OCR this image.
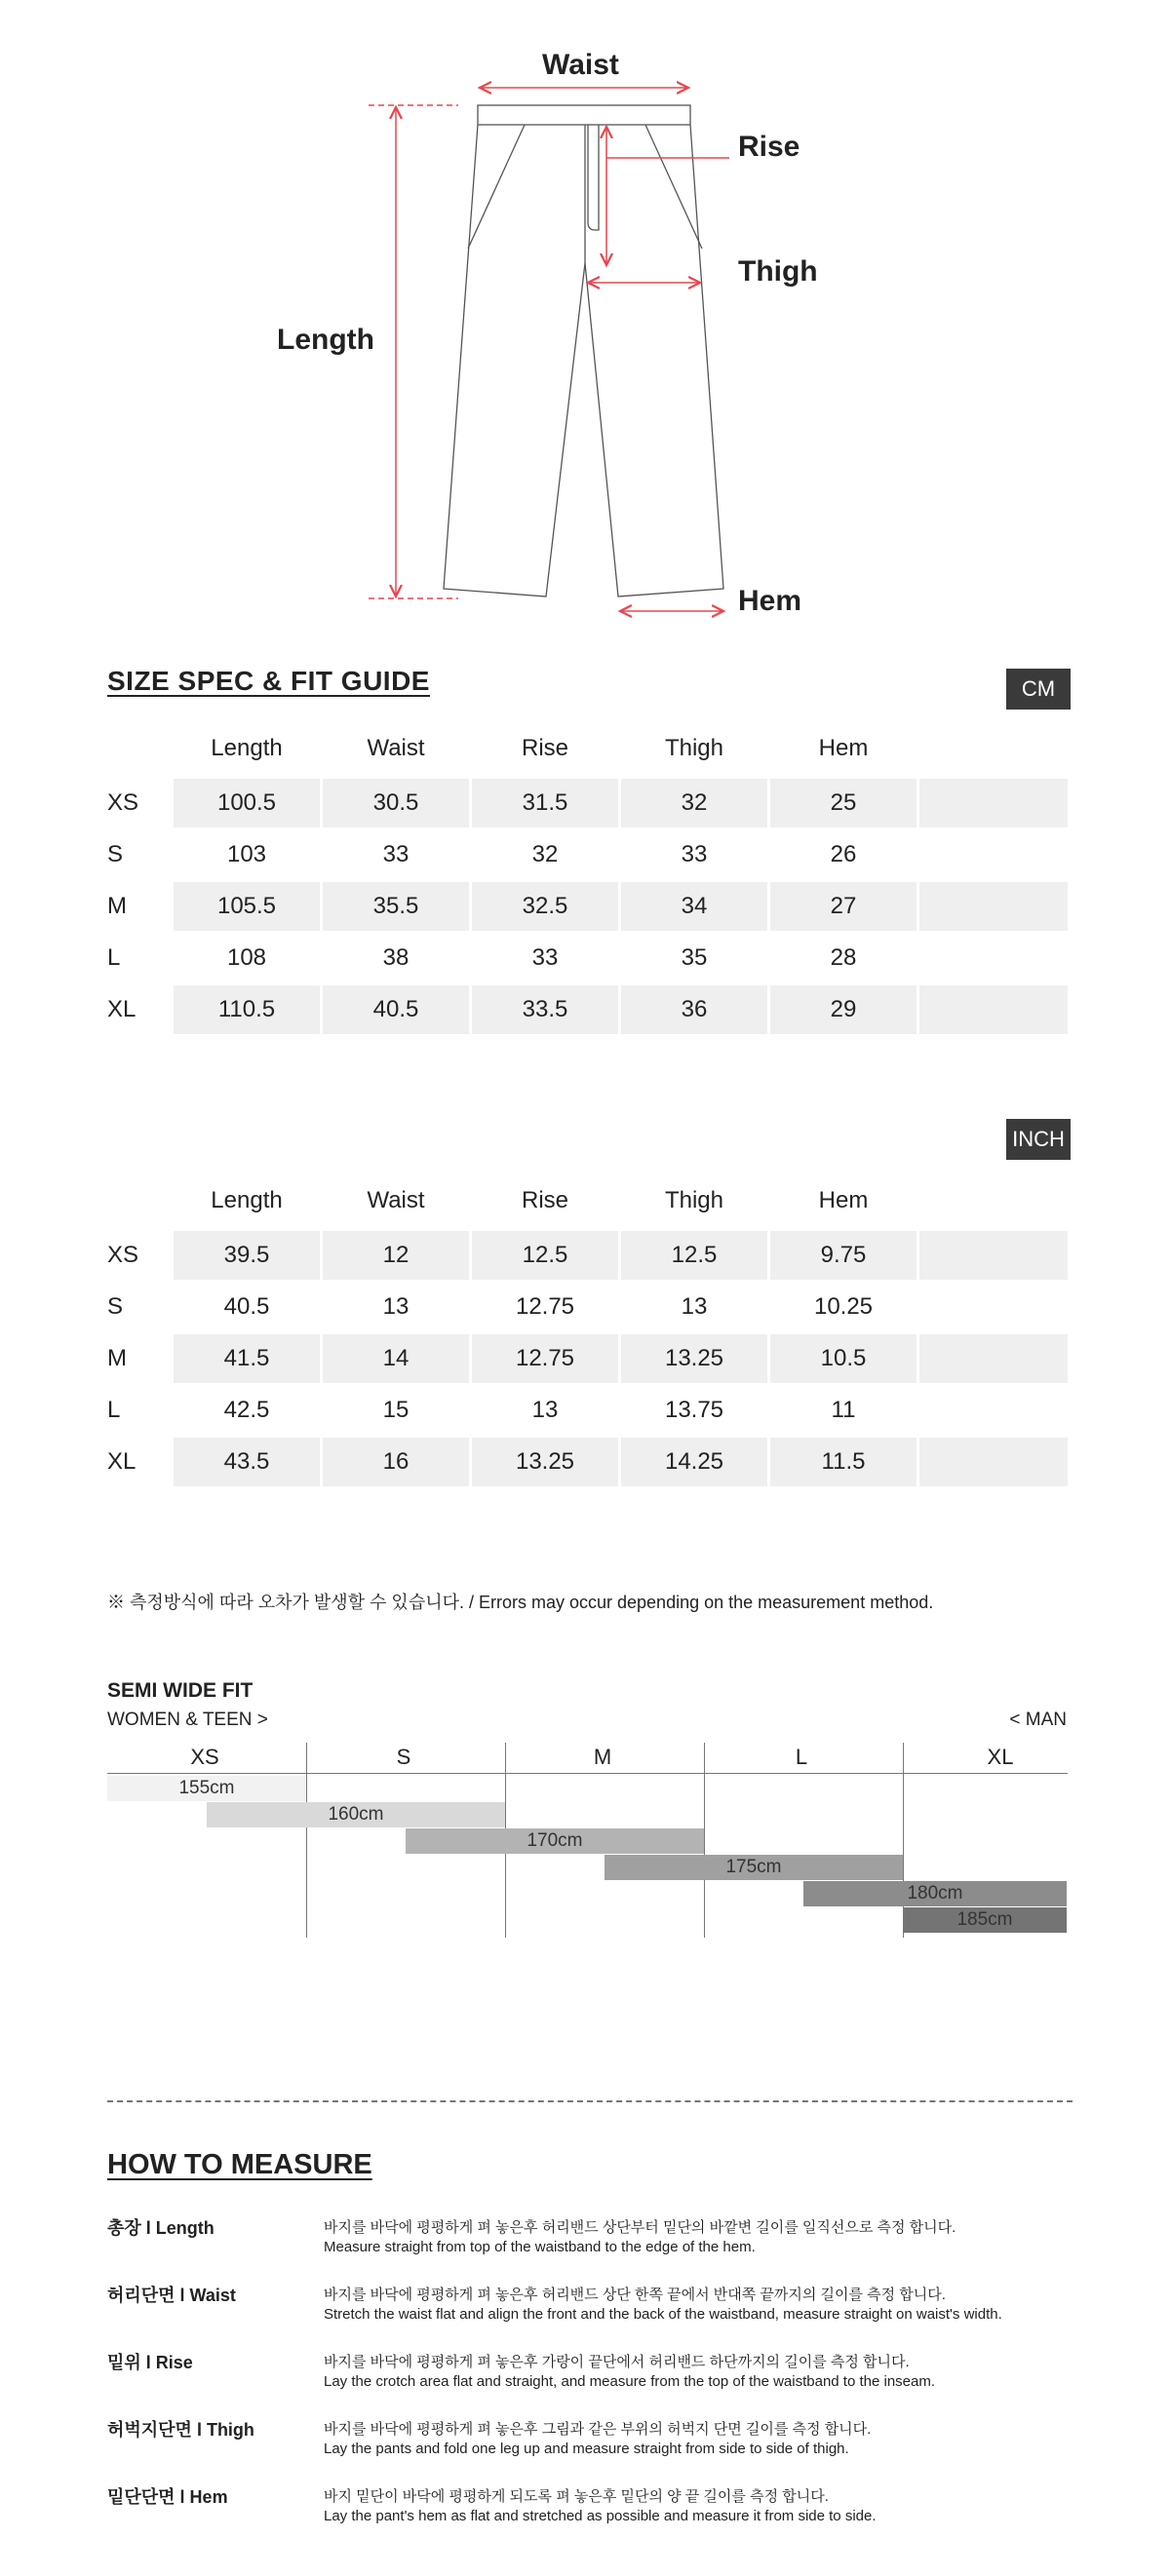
Waist
Rise
Thigh
Length
Hem
SIZE SPEC & FIT GUIDE	CM
Length	Waist	Rise	Thigh	Hem
XS	100.5	30.5	31.5	32	25
S	103	33	32	33	26
M	105.5	35.5	32.5	34	27
L	108	38	33	35	28
XL	110.5	40.5	33.5	36	29
INCH
Length	Waist	Rise	Thigh	Hem
XS	39.5	12	12.5	12.5	9.75
S	40.5	13	12.75	13	10.25
M	41.5	14	12.75	13.25	10.5
L	42.5	15	13	13.75	11
XL	43.5	16	13.25	14.25	11.5
※ 측정방식에 따라 오차가 발생할 수 있습니다. / Errors may occur depending on the measurement method.
SEMI WIDE FIT
WOMEN & TEEN >	< MAN
XS	S	M	L	XL
155cm
160cm
170cm
175cm
180cm
185cm
HOW TO MEASURE
총장 l Length	바지를 바닥에 평평하게 펴 놓은후 허리밴드 상단부터 밑단의 바깥변 길이를 일직선으로 측정 합니다.
Measure straight from top of the waistband to the edge of the hem.
허리단면 l Waist	바지를 바닥에 평평하게 펴 놓은후 허리밴드 상단 한쪽 끝에서 반대쪽 끝까지의 길이를 측정 합니다.
Stretch the waist flat and align the front and the back of the waistband, measure straight on waist's width.
밑위 l Rise	바지를 바닥에 평평하게 펴 놓은후 가랑이 끝단에서 허리밴드 하단까지의 길이를 측정 합니다.
Lay the crotch area flat and straight, and measure from the top of the waistband to the inseam.
허벅지단면 l Thigh	바지를 바닥에 평평하게 펴 놓은후 그림과 같은 부위의 허벅지 단면 길이를 측정 합니다.
Lay the pants and fold one leg up and measure straight from side to side of thigh.
밑단단면 l Hem	바지 밑단이 바닥에 평평하게 되도록 펴 놓은후 밑단의 양 끝 길이를 측정 합니다.
Lay the pant's hem as flat and stretched as possible and measure it from side to side.
